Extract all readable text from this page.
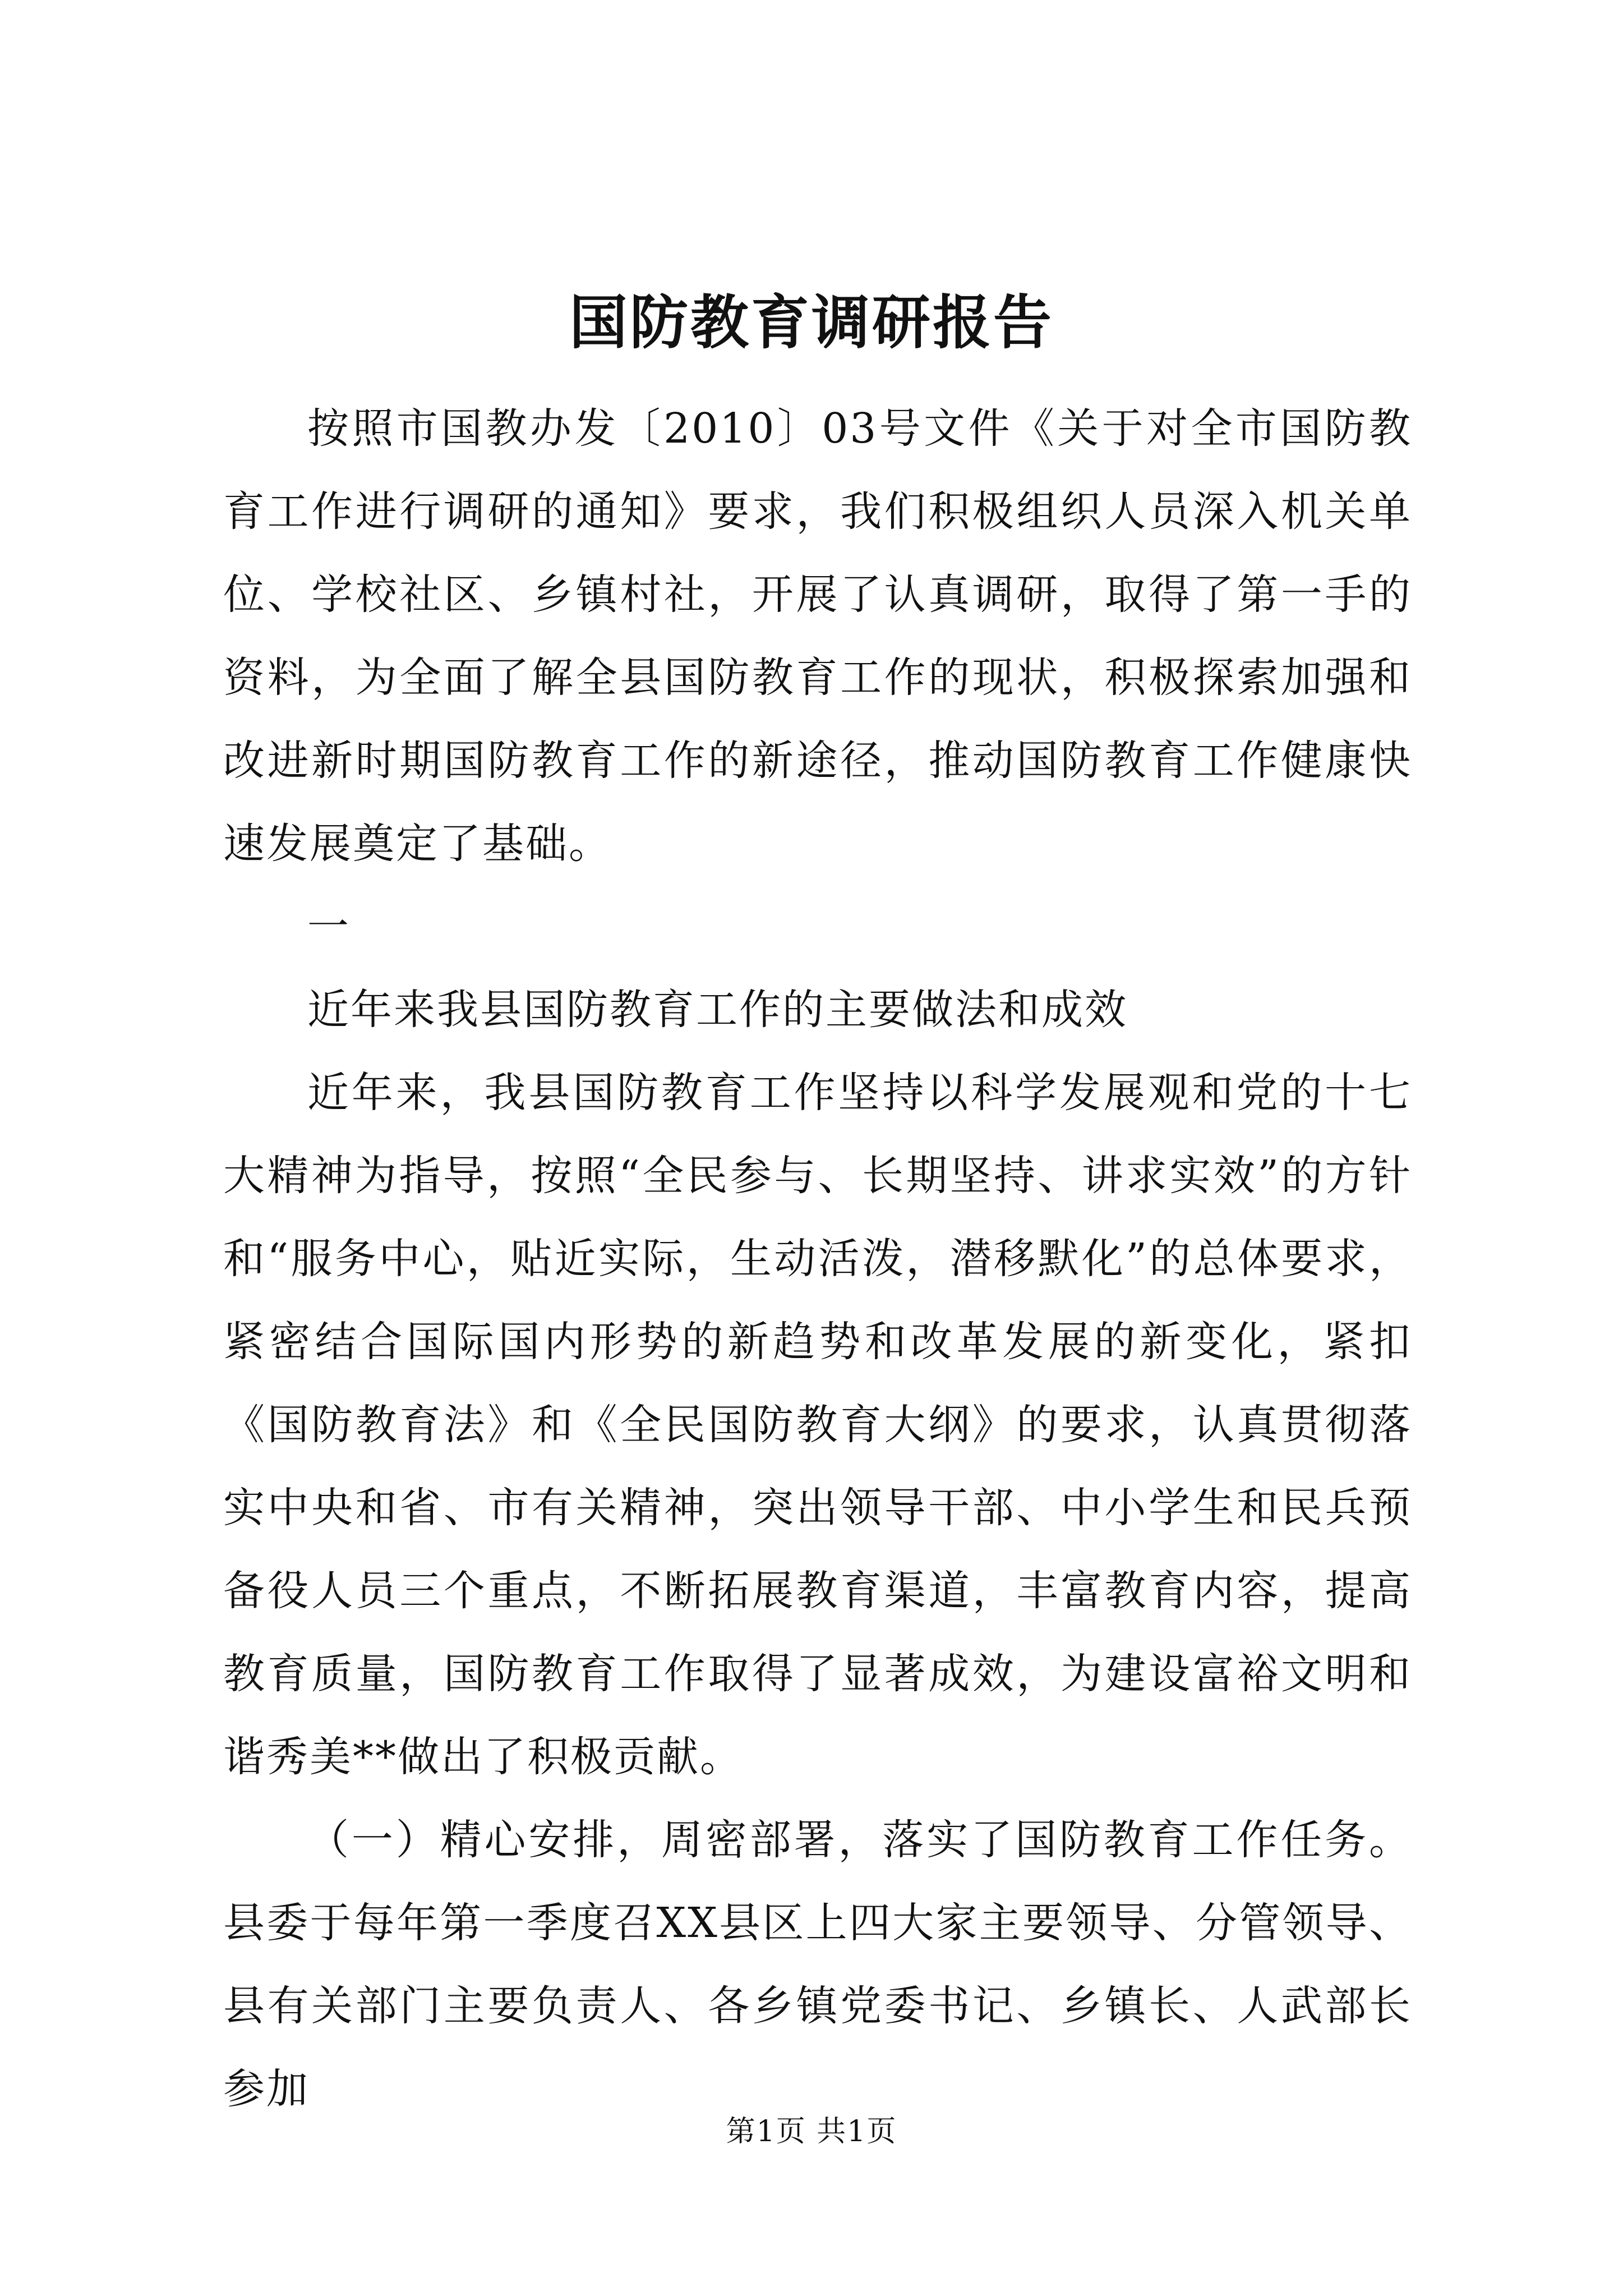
国防教育调研报告

按照市国教办发〔2010〕03号文件《关于对全市国防教育工作进行调研的通知》要求，我们积极组织人员深入机关单位、学校社区、乡镇村社，开展了认真调研，取得了第一手的资料，为全面了解全县国防教育工作的现状，积极探索加强和改进新时期国防教育工作的新途径，推动国防教育工作健康快速发展奠定了基础。

一

近年来我县国防教育工作的主要做法和成效

近年来，我县国防教育工作坚持以科学发展观和党的十七大精神为指导，按照“全民参与、长期坚持、讲求实效”的方针和“服务中心，贴近实际，生动活泼，潜移默化”的总体要求，紧密结合国际国内形势的新趋势和改革发展的新变化，紧扣《国防教育法》和《全民国防教育大纲》的要求，认真贯彻落实中央和省、市有关精神，突出领导干部、中小学生和民兵预备役人员三个重点，不断拓展教育渠道，丰富教育内容，提高教育质量，国防教育工作取得了显著成效，为建设富裕文明和谐秀美**做出了积极贡献。

（一）精心安排，周密部署，落实了国防教育工作任务。县委于每年第一季度召XX县区上四大家主要领导、分管领导、县有关部门主要负责人、各乡镇党委书记、乡镇长、人武部长参加

第1页 共1页
